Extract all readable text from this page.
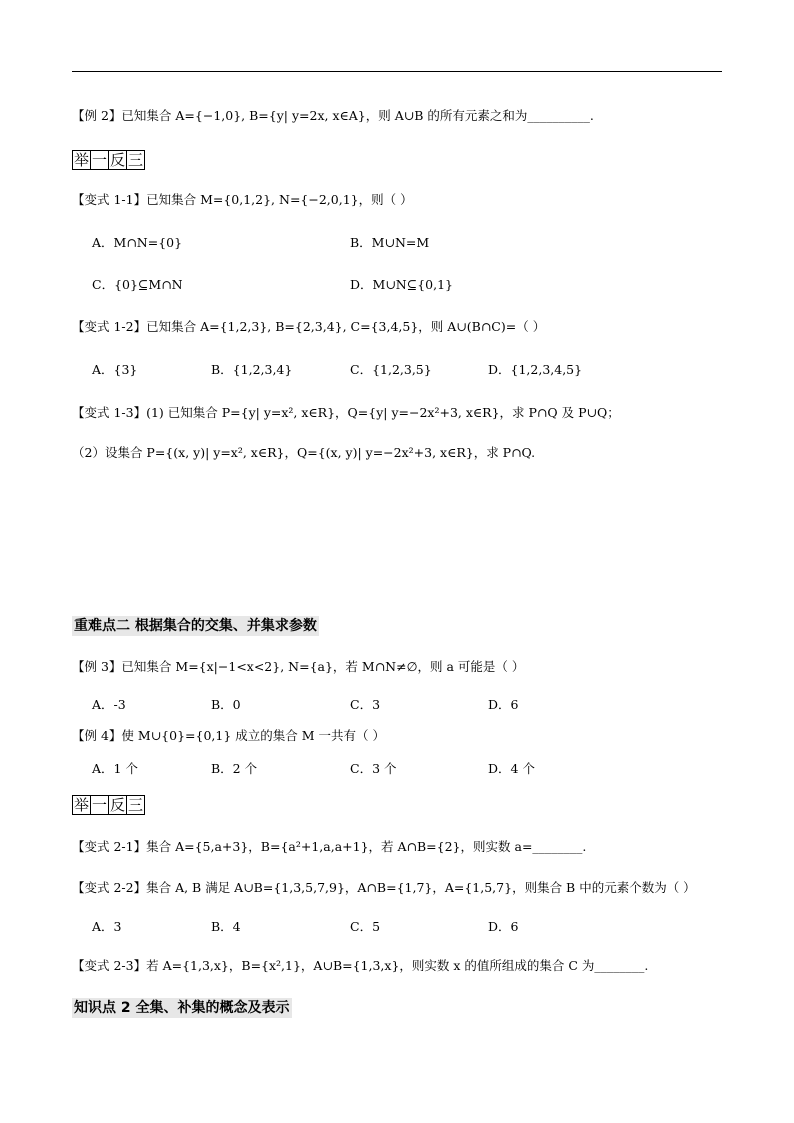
【例 2】已知集合 A={−1,0}, B={y| y=2x, x∈A}，则 A∪B 的所有元素之和为__________.
举 一 反 三
【变式 1-1】已知集合 M={0,1,2}, N={−2,0,1}，则（ ）
A．M∩N={0}	B．M∪N=M
C．{0}⊆M∩N	D．M∪N⊆{0,1}
【变式 1-2】已知集合 A={1,2,3}, B={2,3,4}, C={3,4,5}，则 A∪(B∩C)=（ ）
A．{3}	B．{1,2,3,4}	C．{1,2,3,5}	D．{1,2,3,4,5}
【变式 1-3】(1) 已知集合 P={y| y=x², x∈R}，Q={y| y=−2x²+3, x∈R}，求 P∩Q 及 P∪Q；
（2）设集合 P={(x, y)| y=x², x∈R}，Q={(x, y)| y=−2x²+3, x∈R}，求 P∩Q.
重难点二 根据集合的交集、并集求参数
【例 3】已知集合 M={x|−1<x<2}, N={a}，若 M∩N≠∅，则 a 可能是（ ）
A．-3	B．0	C．3	D．6
【例 4】使 M∪{0}={0,1} 成立的集合 M 一共有（ ）
A．1 个	B．2 个	C．3 个	D．4 个
举 一 反 三
【变式 2-1】集合 A={5,a+3}，B={a²+1,a,a+1}，若 A∩B={2}，则实数 a=________.
【变式 2-2】集合 A, B 满足 A∪B={1,3,5,7,9}，A∩B={1,7}，A={1,5,7}，则集合 B 中的元素个数为（ ）
A．3	B．4	C．5	D．6
【变式 2-3】若 A={1,3,x}，B={x²,1}，A∪B={1,3,x}，则实数 x 的值所组成的集合 C 为________.
知识点 2 全集、补集的概念及表示
